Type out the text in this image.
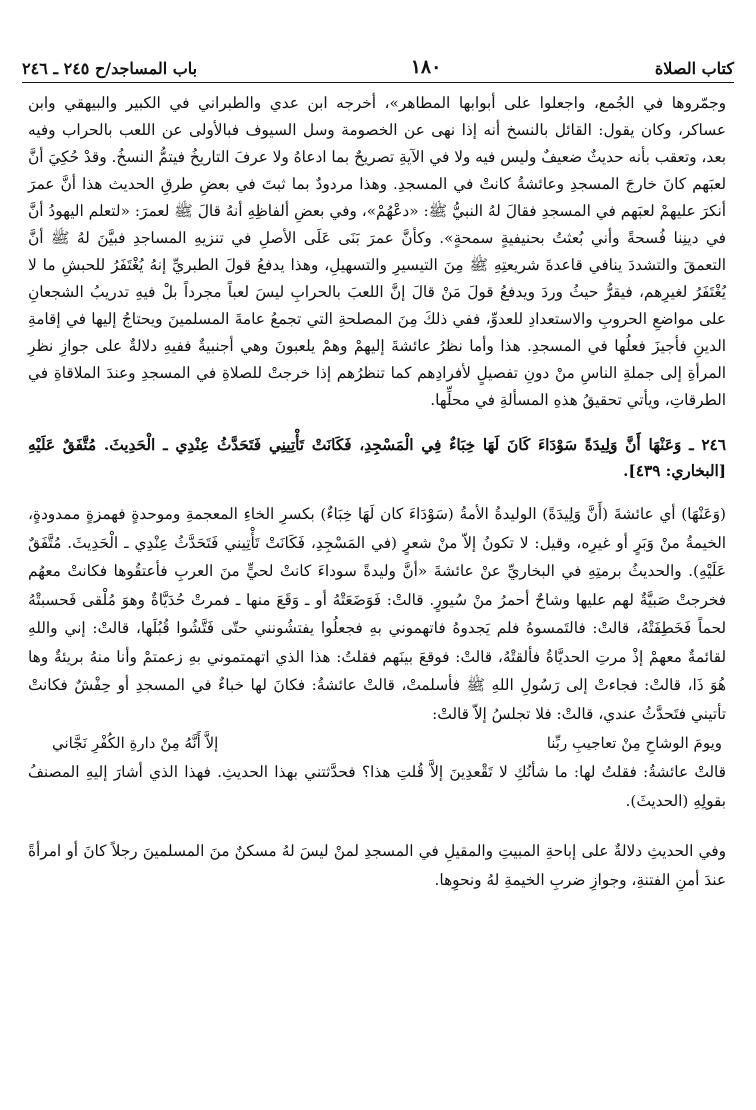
كتاب الصلاة
١٨٠
باب المساجد/ح ٢٤٥ ـ ٢٤٦

وجمّروها في الجُمع، واجعلوا على أبوابها المطاهر»، أخرجه ابن عدي والطبراني في الكبير والبيهقي وابن عساكر، وكان يقول: القائل بالنسخ أنه إذا نهى عن الخصومة وسل السيوف فبالأولى عن اللعب بالحراب وفيه بعد، وتعقب بأنه حديثٌ ضعيفٌ وليس فيه ولا في الآيةِ تصريحٌ بما ادعاهُ ولا عرفَ التاريخُ فيتمُّ النسخُ. وقدْ حُكِيَ أنَّ لعبَهم كانَ خارجَ المسجدِ وعائشةُ كانتْ في المسجدِ. وهذا مردودٌ بما ثبتَ في بعضِ طرقِ الحديث هذا أنَّ عمرَ أنكرَ عليهمْ لعبَهم في المسجدِ فقالَ لهُ النبيُّ ﷺ: «دعْهُمْ»، وفي بعضِ ألفاظِهِ أنهُ قالَ ﷺ لعمرَ: «لتعلم اليهودُ أنَّ في دينِنا فُسحةً وأني بُعثتُ بحنيفيةٍ سمحةٍ». وكأنَّ عمرَ بَنَى عَلَى الأصلِ في تنزيهِ المساجدِ فبيَّنَ لهُ ﷺ أنَّ التعمقَ والتشددَ ينافي قاعدةَ شريعتِهِ ﷺ مِنَ التيسيرِ والتسهيلِ، وهذا يدفعُ قولَ الطبريِّ إنهُ يُغْتَفَرُ للحبشِ ما لا يُغْتَفَرُ لغيرِهم، فيقرُّ حيثُ وردَ ويدفعُ قولَ مَنْ قالَ إنَّ اللعبَ بالحرابِ ليسَ لعباً مجرداً بلْ فيهِ تدريبُ الشجعانِ على مواضعِ الحروبِ والاستعدادِ للعدوِّ، ففي ذلكَ مِنَ المصلحةِ التي تجمعُ عامةَ المسلمينَ ويحتاجُ إليها في إقامةِ الدينِ فأجيزَ فعلُها في المسجدِ. هذا وأما نظرُ عائشةَ إليهمْ وهمْ يلعبونَ وهي أجنبيةٌ ففيهِ دلالةٌ على جوازِ نظرِ المرأةِ إلى جملةِ الناسِ منْ دونِ تفصيلٍ لأفرادِهم كما تنظرُهم إذا خرجتْ للصلاةِ في المسجدِ وعندَ الملاقاةِ في الطرقاتِ، ويأتي تحقيقُ هذهِ المسألةِ في محلِّها.

٢٤٦ ـ وَعَنْهَا أَنَّ وَلِيدَةً سَوْدَاءَ كَانَ لَهَا خِبَاءٌ فِي الْمَسْجِدِ، فَكَانَتْ تَأْتِينِي فَتَحَدَّثُ عِنْدِي ـ الْحَدِيثَ. مُتَّفَقٌ عَلَيْهِ [البخاري: ٤٣٩].

(وَعَنْهَا) أي عائشةَ (أَنَّ وَلِيدَةً) الوليدةُ الأمةُ (سَوْدَاءَ كان لَهَا خِبَاءٌ) بكسرِ الخاءِ المعجمةِ وموحدةٍ فهمزةٍ ممدودةٍ، الخيمةُ منْ وَبَرٍ أو غيرِه، وقيل: لا تكونُ إلاّ منْ شعرٍ (في المَسْجِدِ، فَكَانَتْ تَأْتِيني فَتَحَدَّثُ عِنْدِي ـ الْحَدِيثَ. مُتَّفَقٌ عَلَيْهِ). والحديثُ برمتِهِ في البخاريِّ عنْ عائشةَ «أنَّ وليدةً سوداءَ كانتْ لحيٍّ منَ العربِ فأعتقُوها فكانتْ معهُم فخرجتْ صَبيَّةٌ لهم عليها وشاحٌ أحمرُ منْ سُيورٍ. قالتْ: فَوَضَعَتْهُ أو ـ وَقَعَ منها ـ فمرتْ حُدَيَّاةٌ وهوَ مُلْقى فَحسبتْهُ لحماً فَخَطِفَتْهُ، قالتْ: فالتَمسوهُ فلم يَجدوهُ فاتهموني بهِ فجعلُوا يفتشُونني حتّى فَتَّشُوا قُبُلَها، قالتْ: إني واللهِ لقائمةٌ معهمْ إذْ مرتِ الحديَّاةُ فألقتْهُ، قالتْ: فوقعَ بينَهم فقلتُ: هذا الذي اتهمتموني بهِ زعمتمْ وأنا منهُ بريئةٌ وها هُوَ ذَا، قالتْ: فجاءتْ إلى رَسُولِ اللهِ ﷺ فأسلمتْ، قالتْ عائشةُ: فكانَ لها خباءٌ في المسجدِ أو حِفْشٌ فكانتْ تأتيني فتَحدَّثُ عندي، قالتْ: فلا تجلسُ إلاّ قالتْ:

ويومَ الوشاحِ مِنْ تعاجيبِ ربِّنا
إلاَّ أَنَّهُ مِنْ دارةِ الكُفْرِ نَجَّاني

قالتْ عائشةُ: فقلتُ لها: ما شأنُكِ لا تَقْعدِينَ إلاَّ قُلتِ هذا؟ فحدَّثتني بهذا الحديثِ. فهذا الذي أشارَ إليهِ المصنفُ بقولِهِ (الحديثَ).

وفي الحديثِ دلالةٌ على إباحةِ المبيتِ والمقيلِ في المسجدِ لمنْ ليسَ لهُ مسكنٌ منَ المسلمينَ رجلاً كانَ أو امرأةً عندَ أمنِ الفتنةِ، وجوازِ ضربِ الخيمةِ لهُ ونحوِها.
